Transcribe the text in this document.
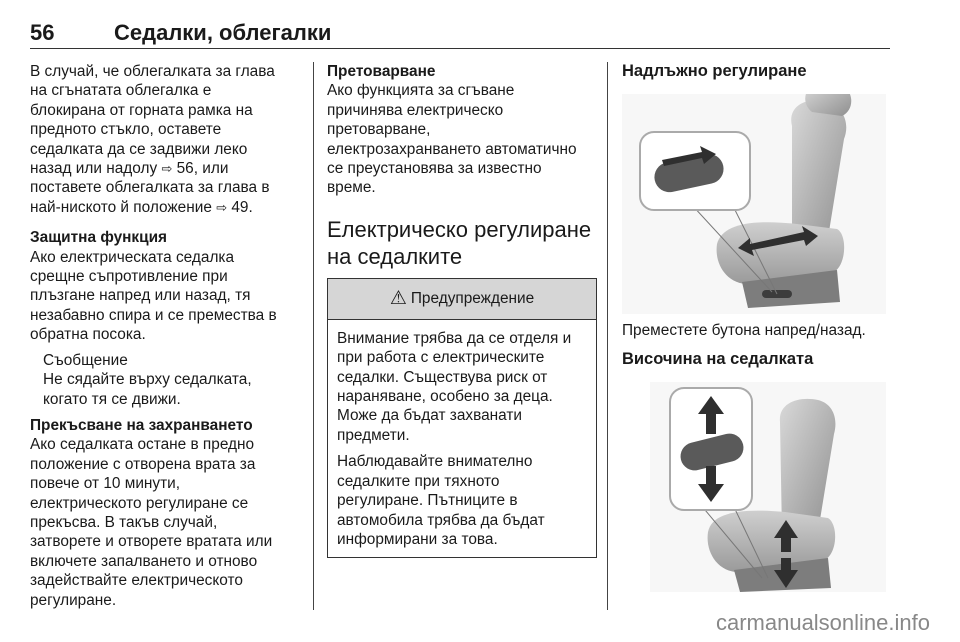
56	Седалки, облегалки

В случай, че облегалката за глава

на сгънатата облегалка е

блокирана от горната рамка на

предното стъкло, оставете

седалката да се задвижи леко

назад или надолу ⇨ 56, или

поставете облегалката за глава в

най-ниското й положение ⇨ 49.

Защитна функция

Ако електрическата седалка

срещне съпротивление при

плъзгане напред или назад, тя

незабавно спира и се премества в

обратна посока.

Съобщение

Не сядайте върху седалката,

когато тя се движи.

Прекъсване на захранването

Ако седалката остане в предно

положение с отворена врата за

повече от 10 минути,

електрическото регулиране се

прекъсва. В такъв случай,

затворете и отворете вратата или

включете запалването и отново

задействайте електрическото

регулиране.

Претоварване

Ако функцията за сгъване

причинява електрическо

претоварване,

електрозахранването автоматично

се преустановява за известно

време.

Електрическо регулиране
на седалките
⚠ Предупреждение

Внимание трябва да се отделя и

при работа с електрическите

седалки. Съществува риск от

нараняване, особено за деца.

Може да бъдат захванати

предмети.

Наблюдавайте внимателно

седалките при тяхното

регулиране. Пътниците в

автомобила трябва да бъдат

информирани за това.

Надлъжно регулиране

Преместете бутона напред/назад.
Височина на седалката
carmanualsonline.info
